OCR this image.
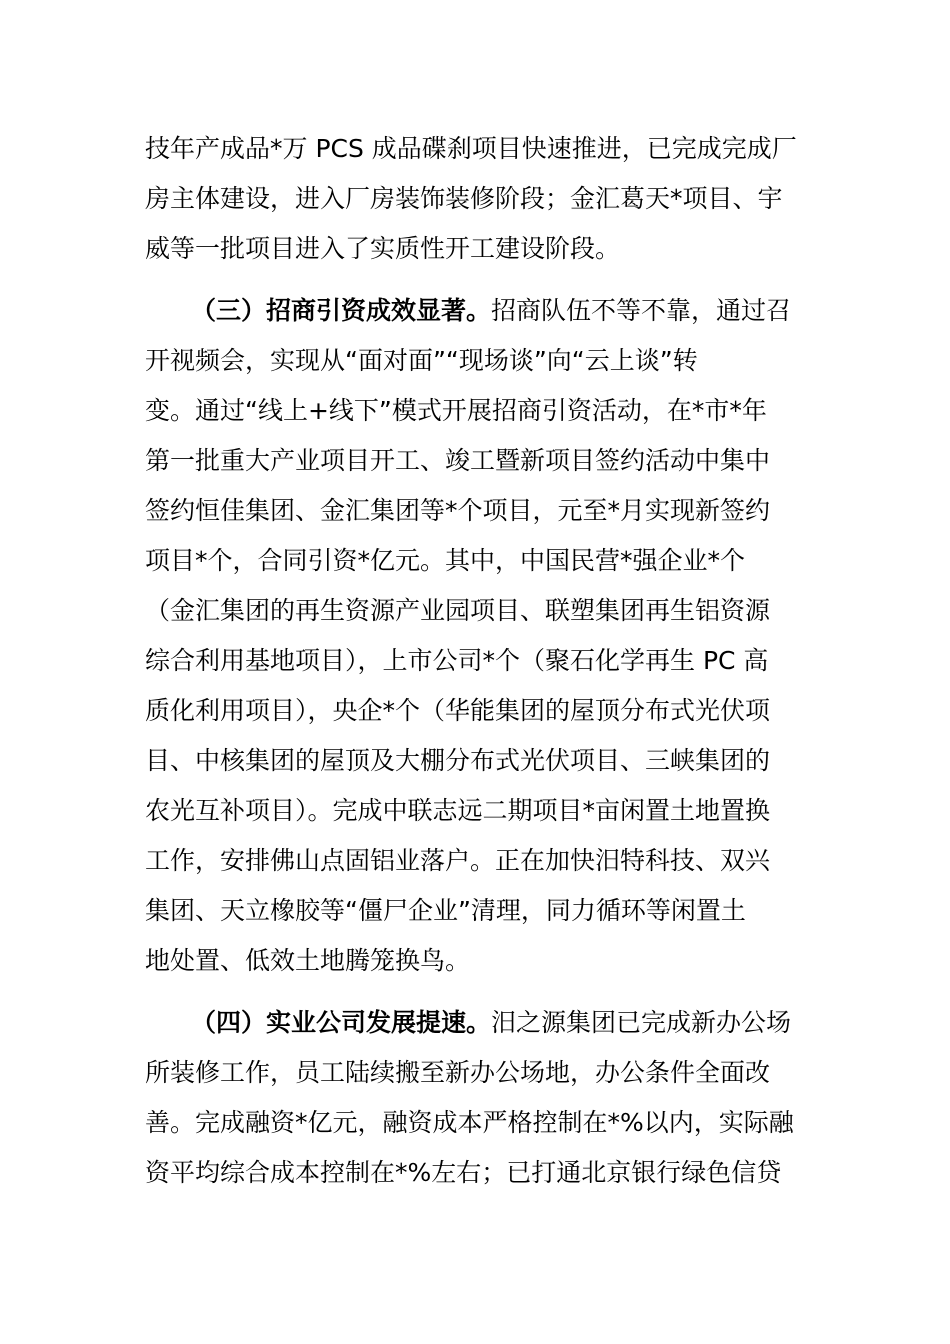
技年产成品*万 PCS 成品碟刹项目快速推进，已完成完成厂
房主体建设，进入厂房装饰装修阶段；金汇葛天*项目、宇
威等一批项目进入了实质性开工建设阶段。
（三）招商引资成效显著。招商队伍不等不靠，通过召
开视频会，实现从“面对面”“现场谈”向“云上谈”转
变。通过“线上+线下”模式开展招商引资活动，在*市*年
第一批重大产业项目开工、竣工暨新项目签约活动中集中
签约恒佳集团、金汇集团等*个项目，元至*月实现新签约
项目*个，合同引资*亿元。其中，中国民营*强企业*个
（金汇集团的再生资源产业园项目、联塑集团再生铝资源
综合利用基地项目），上市公司*个（聚石化学再生 PC 高
质化利用项目），央企*个（华能集团的屋顶分布式光伏项
目、中核集团的屋顶及大棚分布式光伏项目、三峡集团的
农光互补项目）。完成中联志远二期项目*亩闲置土地置换
工作，安排佛山点固铝业落户。正在加快汨特科技、双兴
集团、天立橡胶等“僵尸企业”清理，同力循环等闲置土
地处置、低效土地腾笼换鸟。
（四）实业公司发展提速。汨之源集团已完成新办公场
所装修工作，员工陆续搬至新办公场地，办公条件全面改
善。完成融资*亿元，融资成本严格控制在*%以内，实际融
资平均综合成本控制在*%左右；已打通北京银行绿色信贷
